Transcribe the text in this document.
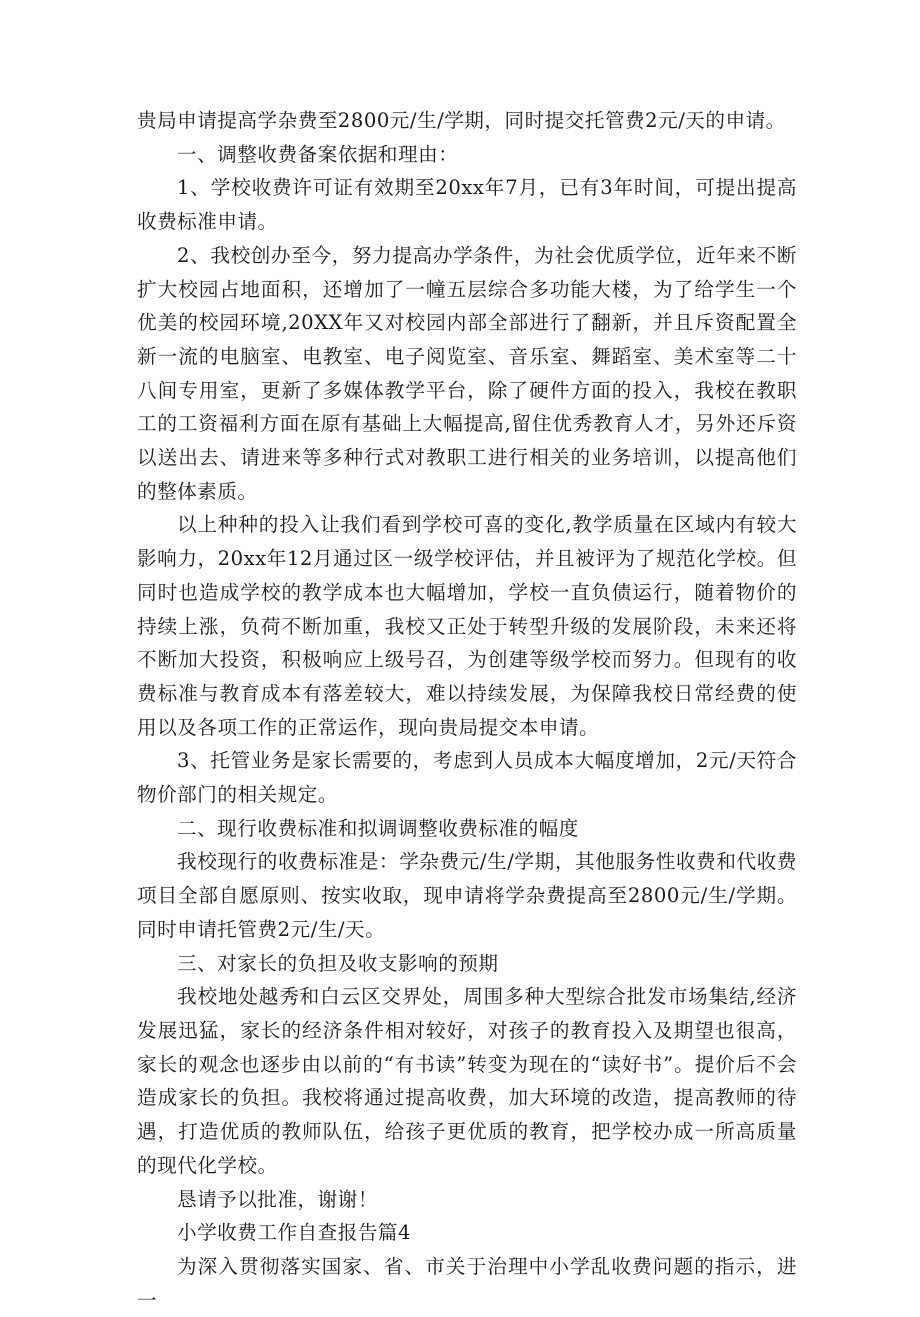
贵局申请提高学杂费至2800元/生/学期，同时提交托管费2元/天的申请。

一、调整收费备案依据和理由：

1、学校收费许可证有效期至20xx年7月，已有3年时间，可提出提高收费标准申请。

2、我校创办至今，努力提高办学条件，为社会优质学位，近年来不断扩大校园占地面积，还增加了一幢五层综合多功能大楼，为了给学生一个优美的校园环境,20XX年又对校园内部全部进行了翻新，并且斥资配置全新一流的电脑室、电教室、电子阅览室、音乐室、舞蹈室、美术室等二十八间专用室，更新了多媒体教学平台，除了硬件方面的投入，我校在教职工的工资福利方面在原有基础上大幅提高,留住优秀教育人才，另外还斥资以送出去、请进来等多种行式对教职工进行相关的业务培训，以提高他们的整体素质。

以上种种的投入让我们看到学校可喜的变化,教学质量在区域内有较大影响力，20xx年12月通过区一级学校评估，并且被评为了规范化学校。但同时也造成学校的教学成本也大幅增加，学校一直负债运行，随着物价的持续上涨，负荷不断加重，我校又正处于转型升级的发展阶段，未来还将不断加大投资，积极响应上级号召，为创建等级学校而努力。但现有的收费标准与教育成本有落差较大，难以持续发展，为保障我校日常经费的使用以及各项工作的正常运作，现向贵局提交本申请。

3、托管业务是家长需要的，考虑到人员成本大幅度增加，2元/天符合物价部门的相关规定。

二、现行收费标准和拟调调整收费标准的幅度

我校现行的收费标准是：学杂费元/生/学期，其他服务性收费和代收费项目全部自愿原则、按实收取，现申请将学杂费提高至2800元/生/学期。同时申请托管费2元/生/天。

三、对家长的负担及收支影响的预期

我校地处越秀和白云区交界处，周围多种大型综合批发市场集结,经济发展迅猛，家长的经济条件相对较好，对孩子的教育投入及期望也很高，家长的观念也逐步由以前的“有书读”转变为现在的“读好书”。提价后不会造成家长的负担。我校将通过提高收费，加大环境的改造，提高教师的待遇，打造优质的教师队伍，给孩子更优质的教育，把学校办成一所高质量的现代化学校。

恳请予以批准，谢谢！

小学收费工作自查报告篇4

为深入贯彻落实国家、省、市关于治理中小学乱收费问题的指示，进一
